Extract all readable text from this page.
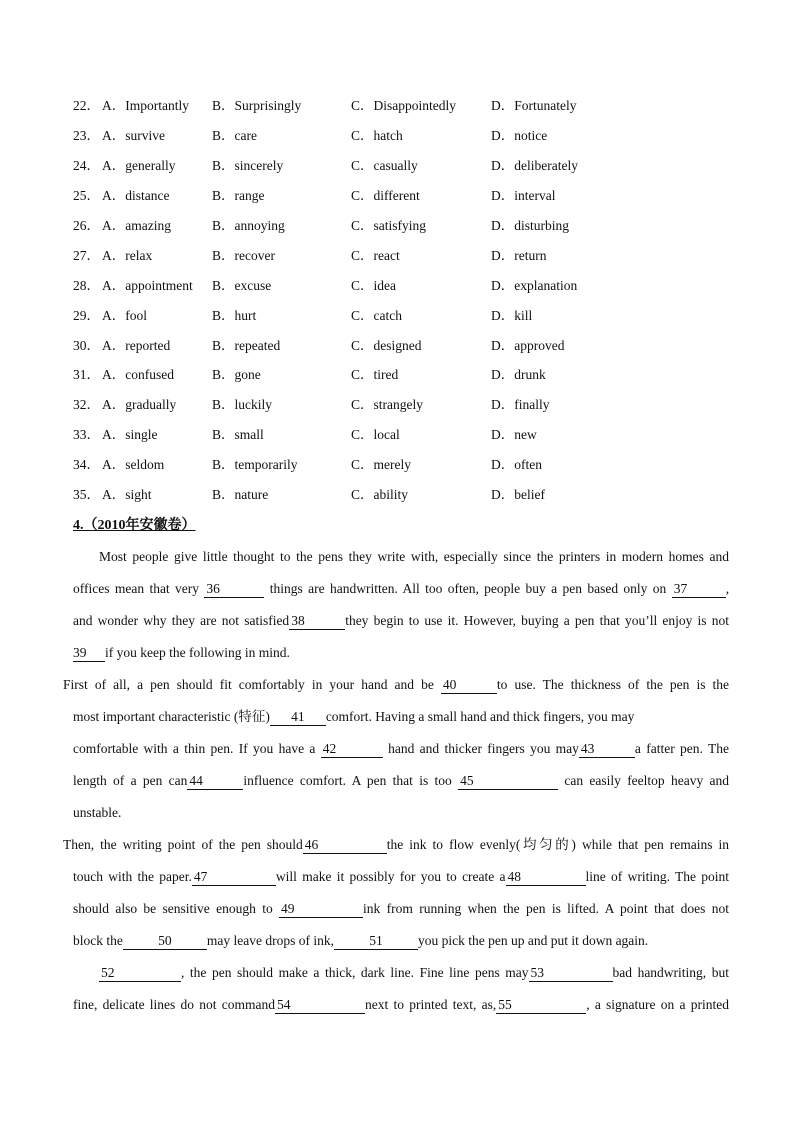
22． A．Importantly B．Surprisingly	C．Disappointedly	D．Fortunately
23． A．survive	B．care	C．hatch	D．notice
24． A．generally	B．sincerely	C．casually	D．deliberately
25． A．distance	B．range	C．different	D．interval
26． A．amazing	B．annoying	C．satisfying	D．disturbing
27． A．relax	B．recover	C．react	D．return
28． A．appointment B．excuse	C．idea	D．explanation
29． A．fool	B．hurt	C．catch	D．kill
30． A．reported	B．repeated	C．designed	D．approved
31． A．confused	B．gone	C．tired	D．drunk
32． A．gradually	B．luckily	C．strangely	D．finally
33． A．single	B．small	C．local	D．new
34． A．seldom	B．temporarily	C．merely	D．often
35． A．sight	B．nature	C．ability	D．belief
4.（2010年安徽卷）
Most people give little thought to the pens they write with, especially since the printers in modern homes and
offices mean that very 36	things are handwritten. All too often, people buy a pen based only on 37	,
and wonder why they are not satisfied 38	they begin to use it. However, buying a pen that you’ll enjoy is not
39 if you keep the following in mind.
First of all, a pen should fit comfortably in your hand and be 40	to use. The thickness of the pen is the
most important characteristic (特征) 41 comfort. Having a small hand and thick fingers, you may
comfortable with a thin pen. If you have a 42	hand and thicker fingers you may 43	a fatter pen. The
length of a pen can 44	influence comfort. A pen that is too 45	can easily feeltop heavy and
unstable.
Then, the writing point of the pen should 46	the ink to flow evenly(均匀的) while that pen remains in
touch with the paper. 47	will make it possibly for you to create a 48	line of writing. The point
should also be sensitive enough to 49	ink from running when the pen is lifted. A point that does not
block the	50	may leave drops of ink,	51	you pick the pen up and put it down again.
52	, the pen should make a thick, dark line. Fine line pens may 53	bad handwriting, but
fine, delicate lines do not command 54	next to printed text, as, 55	, a signature on a printed
